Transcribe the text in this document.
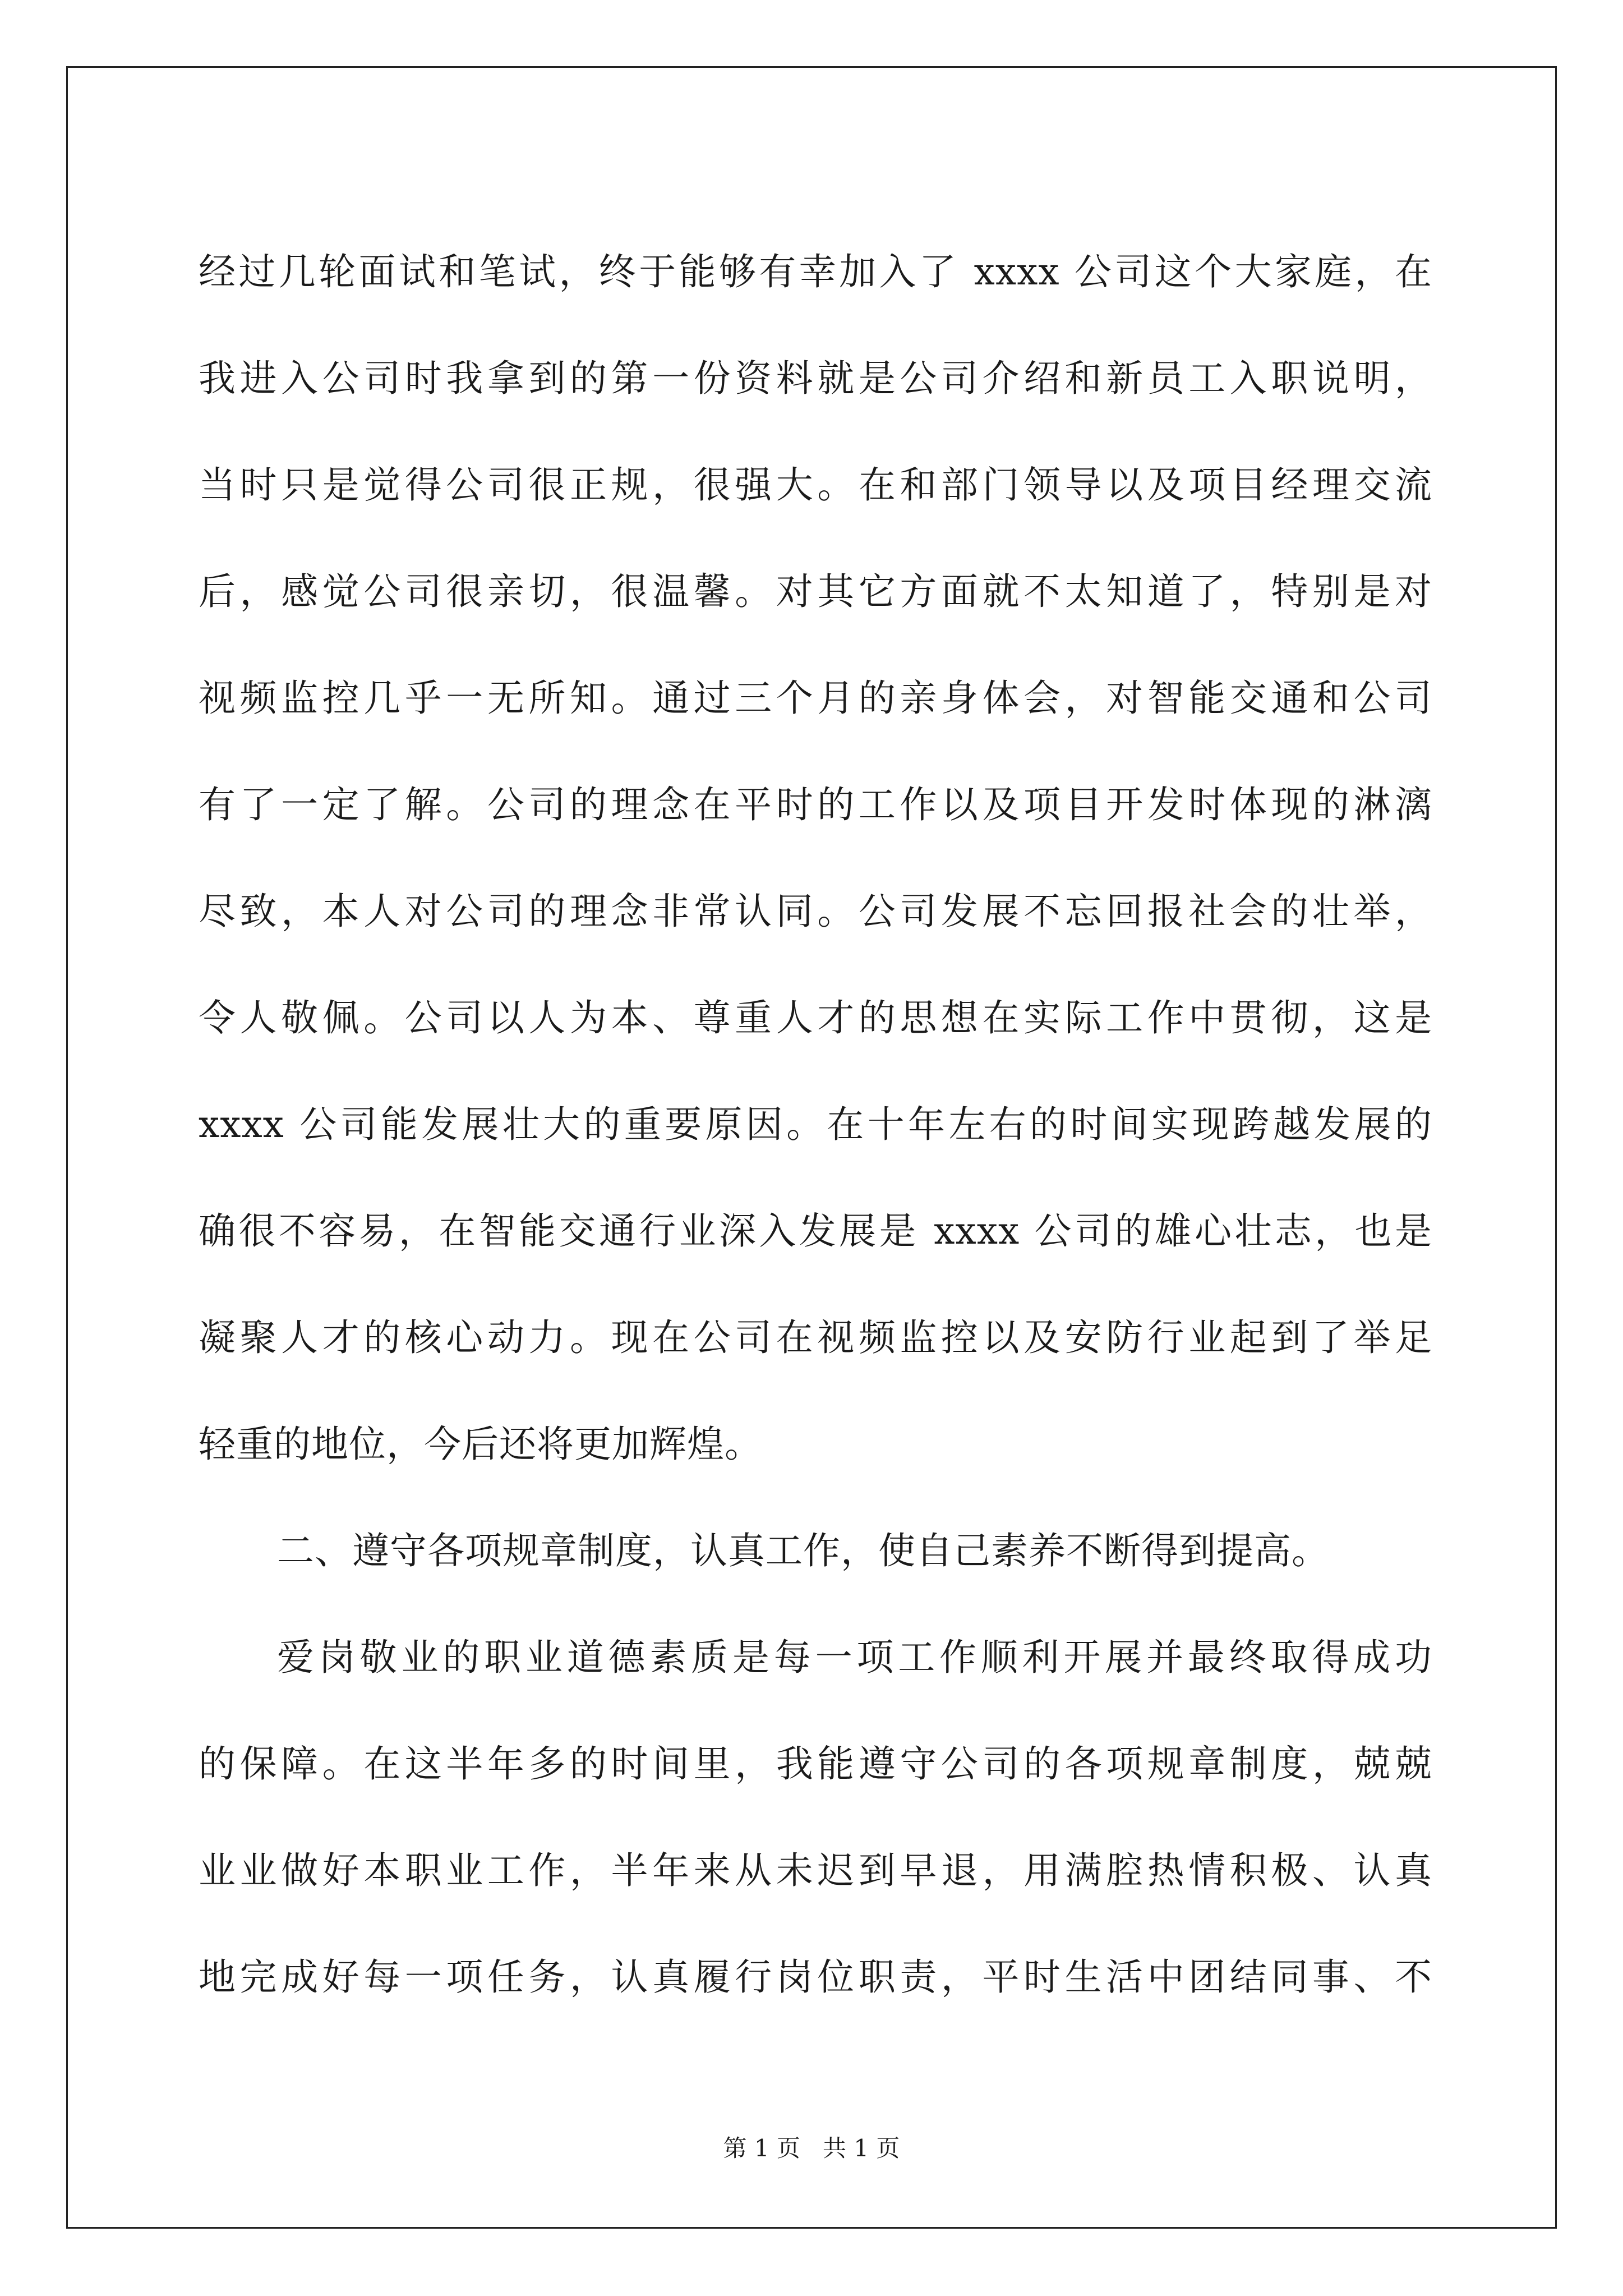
经过几轮面试和笔试，终于能够有幸加入了 xxxx 公司这个大家庭，在
我进入公司时我拿到的第一份资料就是公司介绍和新员工入职说明，
当时只是觉得公司很正规，很强大。在和部门领导以及项目经理交流
后，感觉公司很亲切，很温馨。对其它方面就不太知道了，特别是对
视频监控几乎一无所知。通过三个月的亲身体会，对智能交通和公司
有了一定了解。公司的理念在平时的工作以及项目开发时体现的淋漓
尽致，本人对公司的理念非常认同。公司发展不忘回报社会的壮举，
令人敬佩。公司以人为本、尊重人才的思想在实际工作中贯彻，这是
xxxx 公司能发展壮大的重要原因。在十年左右的时间实现跨越发展的
确很不容易，在智能交通行业深入发展是 xxxx 公司的雄心壮志，也是
凝聚人才的核心动力。现在公司在视频监控以及安防行业起到了举足
轻重的地位，今后还将更加辉煌。
二、遵守各项规章制度，认真工作，使自己素养不断得到提高。
爱岗敬业的职业道德素质是每一项工作顺利开展并最终取得成功
的保障。在这半年多的时间里，我能遵守公司的各项规章制度，兢兢
业业做好本职业工作，半年来从未迟到早退，用满腔热情积极、认真
地完成好每一项任务，认真履行岗位职责，平时生活中团结同事、不
第 1 页 共 1 页
